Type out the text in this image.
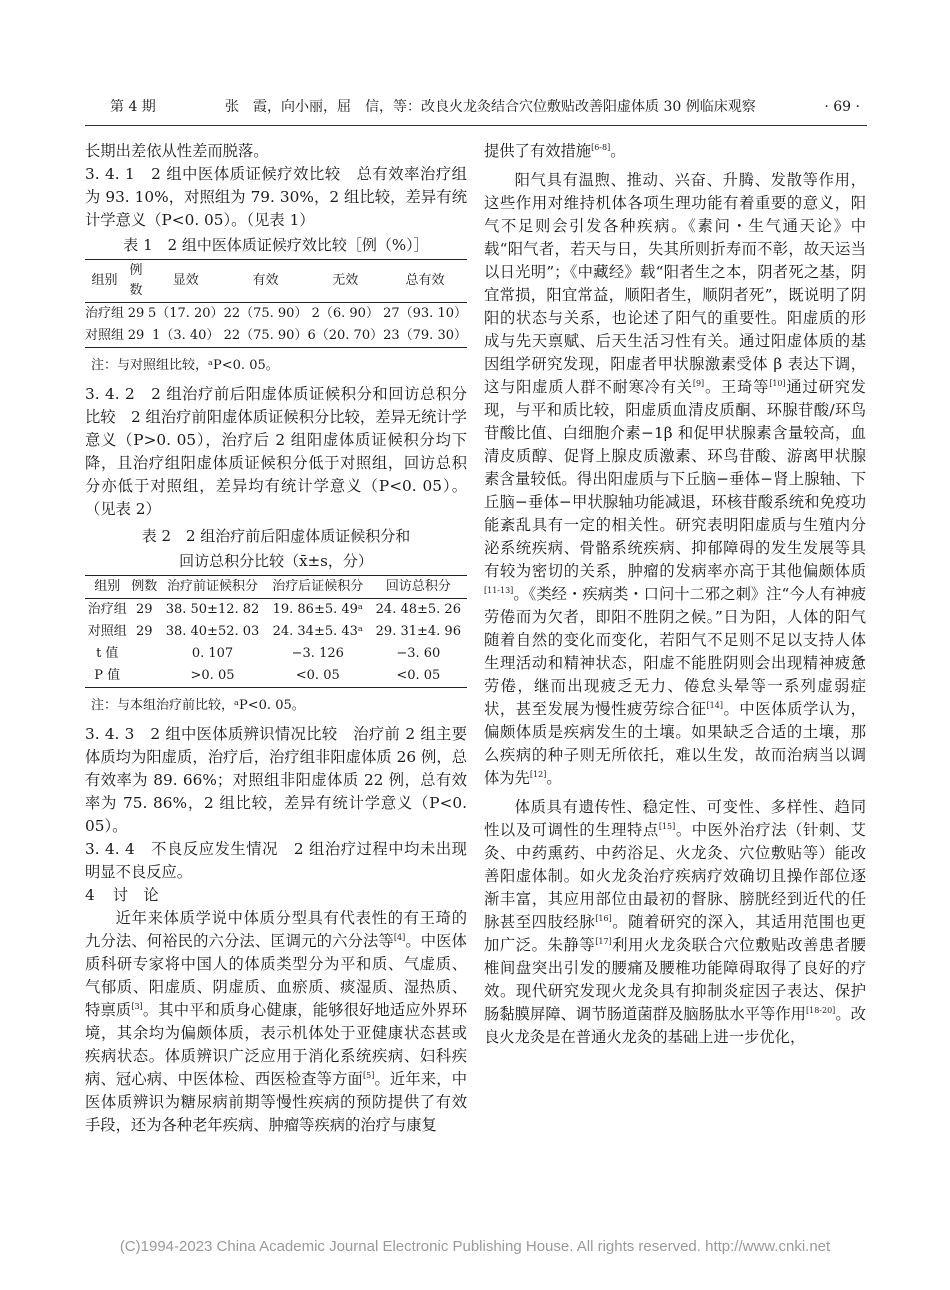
第 4 期	张　霞，向小丽，屈　信，等：改良火龙灸结合穴位敷贴改善阳虚体质 30 例临床观察	· 69 ·

长期出差依从性差而脱落。

3. 4. 1　2 组中医体质证候疗效比较　 总有效率治疗组为 93. 10%，对照组为 79. 30%，2 组比较，差异有统计学意义（P<0. 05）。（见表 1）

表 1　2 组中医体质证候疗效比较［例（%）］
组别	例数	显效	有效	无效	总有效
治疗组	29	5（17. 20）	22（75. 90）	2（6. 90）	27（93. 10）
对照组	29	1（3. 40）	22（75. 90）	6（20. 70）	23（79. 30）
注：与对照组比较，ᵃP<0. 05。

3. 4. 2　2 组治疗前后阳虚体质证候积分和回访总积分比较　 2 组治疗前阳虚体质证候积分比较，差异无统计学意义（P>0. 05），治疗后 2 组阳虚体质证候积分均下降，且治疗组阳虚体质证候积分低于对照组，回访总积分亦低于对照组，差异均有统计学意义（P<0. 05）。（见表 2）

表 2　2 组治疗前后阳虚体质证候积分和
回访总积分比较（x̄±s，分）
组别	例数	治疗前证候积分	治疗后证候积分	回访总积分
治疗组	29	38. 50±12. 82	19. 86±5. 49ᵃ	24. 48±5. 26
对照组	29	38. 40±52. 03	24. 34±5. 43ᵃ	29. 31±4. 96
t 值		0. 107	−3. 126	−3. 60
P 值		>0. 05	<0. 05	<0. 05
注：与本组治疗前比较，ᵃP<0. 05。

3. 4. 3　2 组中医体质辨识情况比较　 治疗前 2 组主要体质均为阳虚质，治疗后，治疗组非阳虚体质 26 例，总有效率为 89. 66%；对照组非阳虚体质 22 例，总有效率为 75. 86%，2 组比较，差异有统计学意义（P<0. 05）。

3. 4. 4　不良反应发生情况　 2 组治疗过程中均未出现明显不良反应。

4 讨　论

近年来体质学说中体质分型具有代表性的有王琦的九分法、何裕民的六分法、匡调元的六分法等[4]。中医体质科研专家将中国人的体质类型分为平和质、气虚质、气郁质、阳虚质、阴虚质、血瘀质、痰湿质、湿热质、特禀质[3]。其中平和质身心健康，能够很好地适应外界环境，其余均为偏颇体质，表示机体处于亚健康状态甚或疾病状态。体质辨识广泛应用于消化系统疾病、妇科疾病、冠心病、中医体检、西医检查等方面[5]。近年来，中医体质辨识为糖尿病前期等慢性疾病的预防提供了有效手段，还为各种老年疾病、肿瘤等疾病的治疗与康复

提供了有效措施[6-8]。

阳气具有温煦、推动、兴奋、升腾、发散等作用，这些作用对维持机体各项生理功能有着重要的意义，阳气不足则会引发各种疾病。《素问・生气通天论》中载“阳气者，若天与日，失其所则折寿而不彰，故天运当以日光明”；《中藏经》载“阳者生之本，阴者死之基，阴宜常损，阳宜常益，顺阳者生，顺阴者死”，既说明了阴阳的状态与关系，也论述了阳气的重要性。阳虚质的形成与先天禀赋、后天生活习性有关。通过阳虚体质的基因组学研究发现，阳虚者甲状腺激素受体 β 表达下调，这与阳虚质人群不耐寒冷有关[9]。王琦等[10]通过研究发现，与平和质比较，阳虚质血清皮质酮、环腺苷酸/环鸟苷酸比值、白细胞介素−1β 和促甲状腺素含量较高，血清皮质醇、促肾上腺皮质激素、环鸟苷酸、游离甲状腺素含量较低。得出阳虚质与下丘脑−垂体−肾上腺轴、下丘脑−垂体−甲状腺轴功能减退，环核苷酸系统和免疫功能紊乱具有一定的相关性。研究表明阳虚质与生殖内分泌系统疾病、骨骼系统疾病、抑郁障碍的发生发展等具有较为密切的关系，肿瘤的发病率亦高于其他偏颇体质[11-13]。《类经・疾病类・口问十二邪之刺》注“今人有神疲劳倦而为欠者，即阳不胜阴之候。”日为阳，人体的阳气随着自然的变化而变化，若阳气不足则不足以支持人体生理活动和精神状态，阳虚不能胜阴则会出现精神疲惫劳倦，继而出现疲乏无力、倦怠头晕等一系列虚弱症状，甚至发展为慢性疲劳综合征[14]。中医体质学认为，偏颇体质是疾病发生的土壤。如果缺乏合适的土壤，那么疾病的种子则无所依托，难以生发，故而治病当以调体为先[12]。

体质具有遗传性、稳定性、可变性、多样性、趋同性以及可调性的生理特点[15]。中医外治疗法（针刺、艾灸、中药熏药、中药浴足、火龙灸、穴位敷贴等）能改善阳虚体制。如火龙灸治疗疾病疗效确切且操作部位逐渐丰富，其应用部位由最初的督脉、膀胱经到近代的任脉甚至四肢经脉[16]。随着研究的深入，其适用范围也更加广泛。朱静等[17]利用火龙灸联合穴位敷贴改善患者腰椎间盘突出引发的腰痛及腰椎功能障碍取得了良好的疗效。现代研究发现火龙灸具有抑制炎症因子表达、保护肠黏膜屏障、调节肠道菌群及脑肠肽水平等作用[18-20]。改良火龙灸是在普通火龙灸的基础上进一步优化，

(C)1994-2023 China Academic Journal Electronic Publishing House. All rights reserved. http://www.cnki.net
